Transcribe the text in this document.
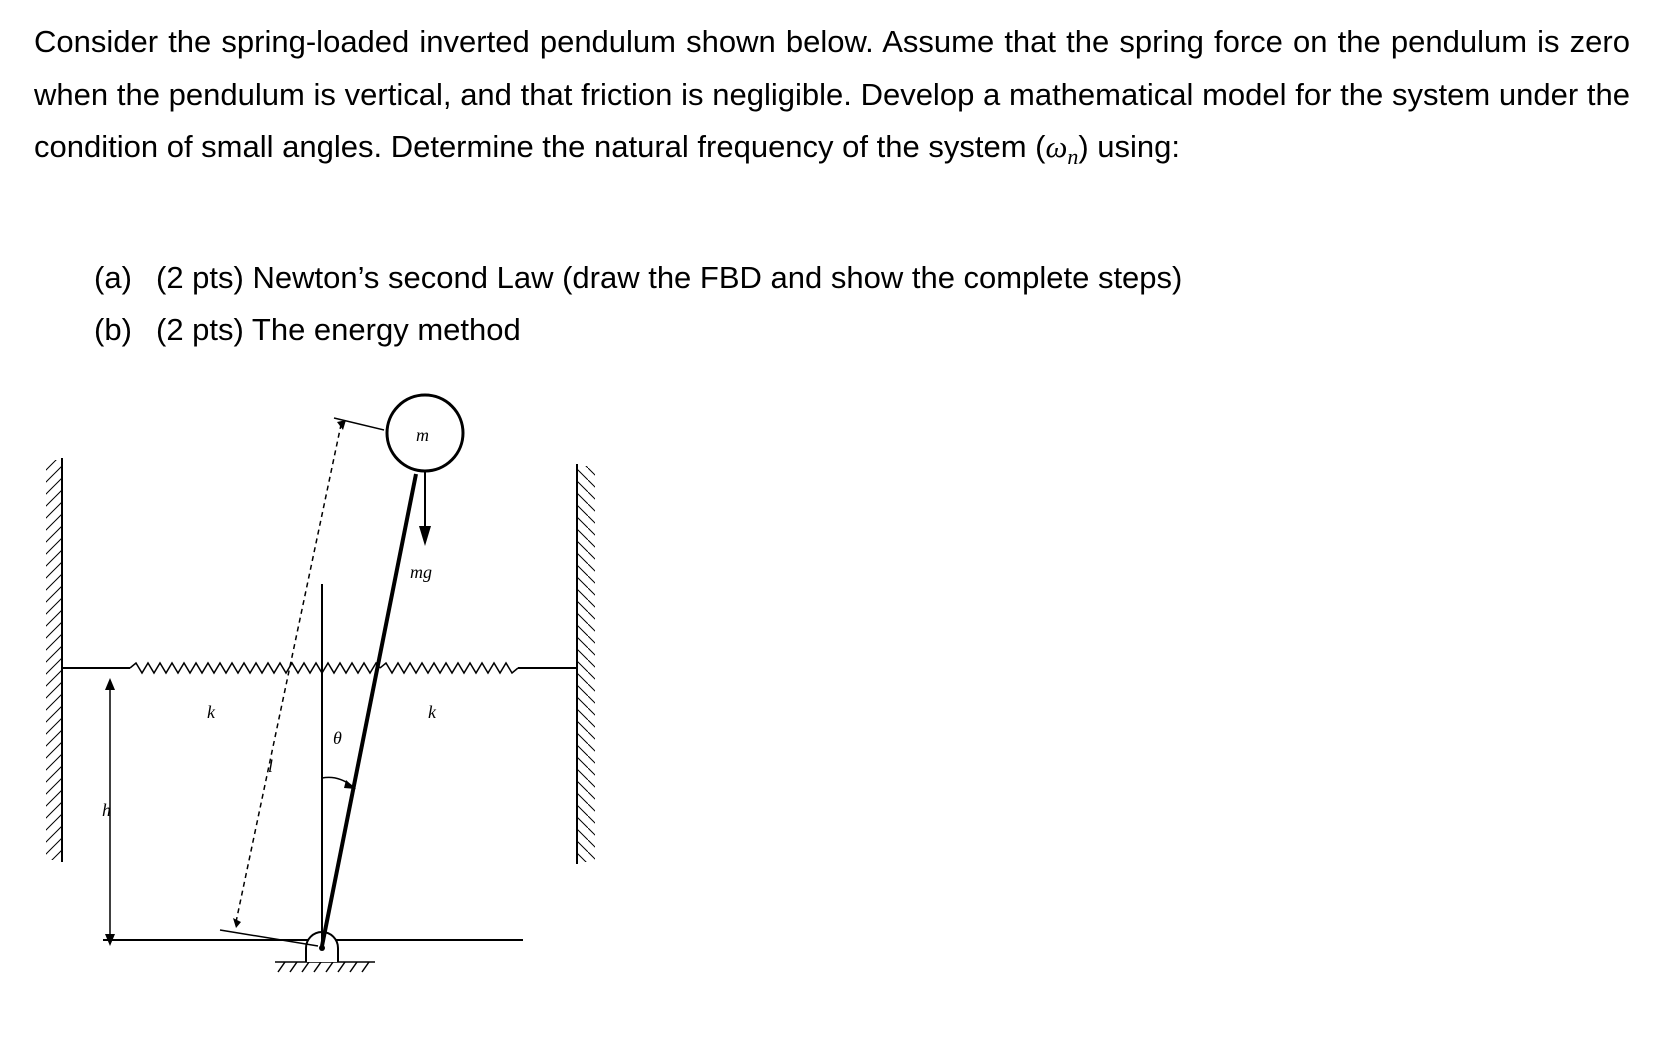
Consider the spring-loaded inverted pendulum shown below. Assume that the spring force on the pendulum is zero when the pendulum is vertical, and that friction is negligible. Develop a mathematical model for the system under the condition of small angles. Determine the natural frequency of the system $(\omega_n)$ using:
(a) (2 pts) Newton’s second Law (draw the FBD and show the complete steps)
(b) (2 pts) The energy method
m
mg
k	k
θ
l
h
